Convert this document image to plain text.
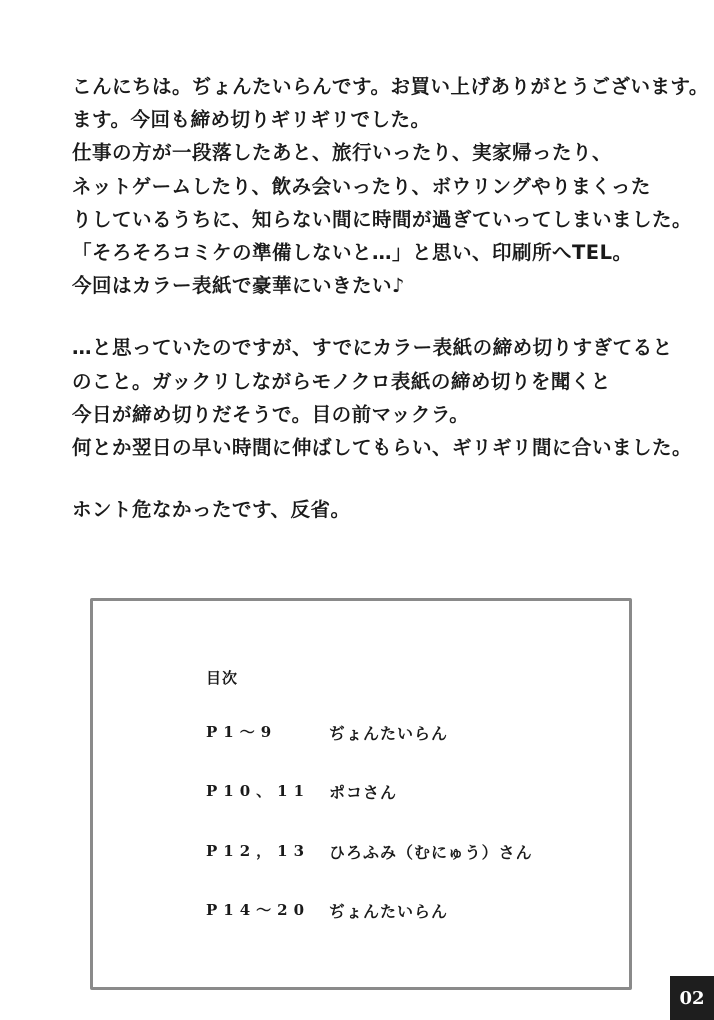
こんにちは。ぢょんたいらんです。お買い上げありがとうございます。
ます。今回も締め切りギリギリでした。
仕事の方が一段落したあと、旅行いったり、実家帰ったり、
ネットゲームしたり、飲み会いったり、ボウリングやりまくった
りしているうちに、知らない間に時間が過ぎていってしまいました。
「そろそろコミケの準備しないと…」と思い、印刷所へTEL。
今回はカラー表紙で豪華にいきたい♪
…と思っていたのですが、すでにカラー表紙の締め切りすぎてると
のこと。ガックリしながらモノクロ表紙の締め切りを聞くと
今日が締め切りだそうで。目の前マックラ。
何とか翌日の早い時間に伸ばしてもらい、ギリギリ間に合いました。
ホント危なかったです、反省。
目次
P1〜9	ぢょんたいらん
P10、11 ポコさん
P12，13 ひろふみ（むにゅう）さん
P14〜20 ぢょんたいらん
02
